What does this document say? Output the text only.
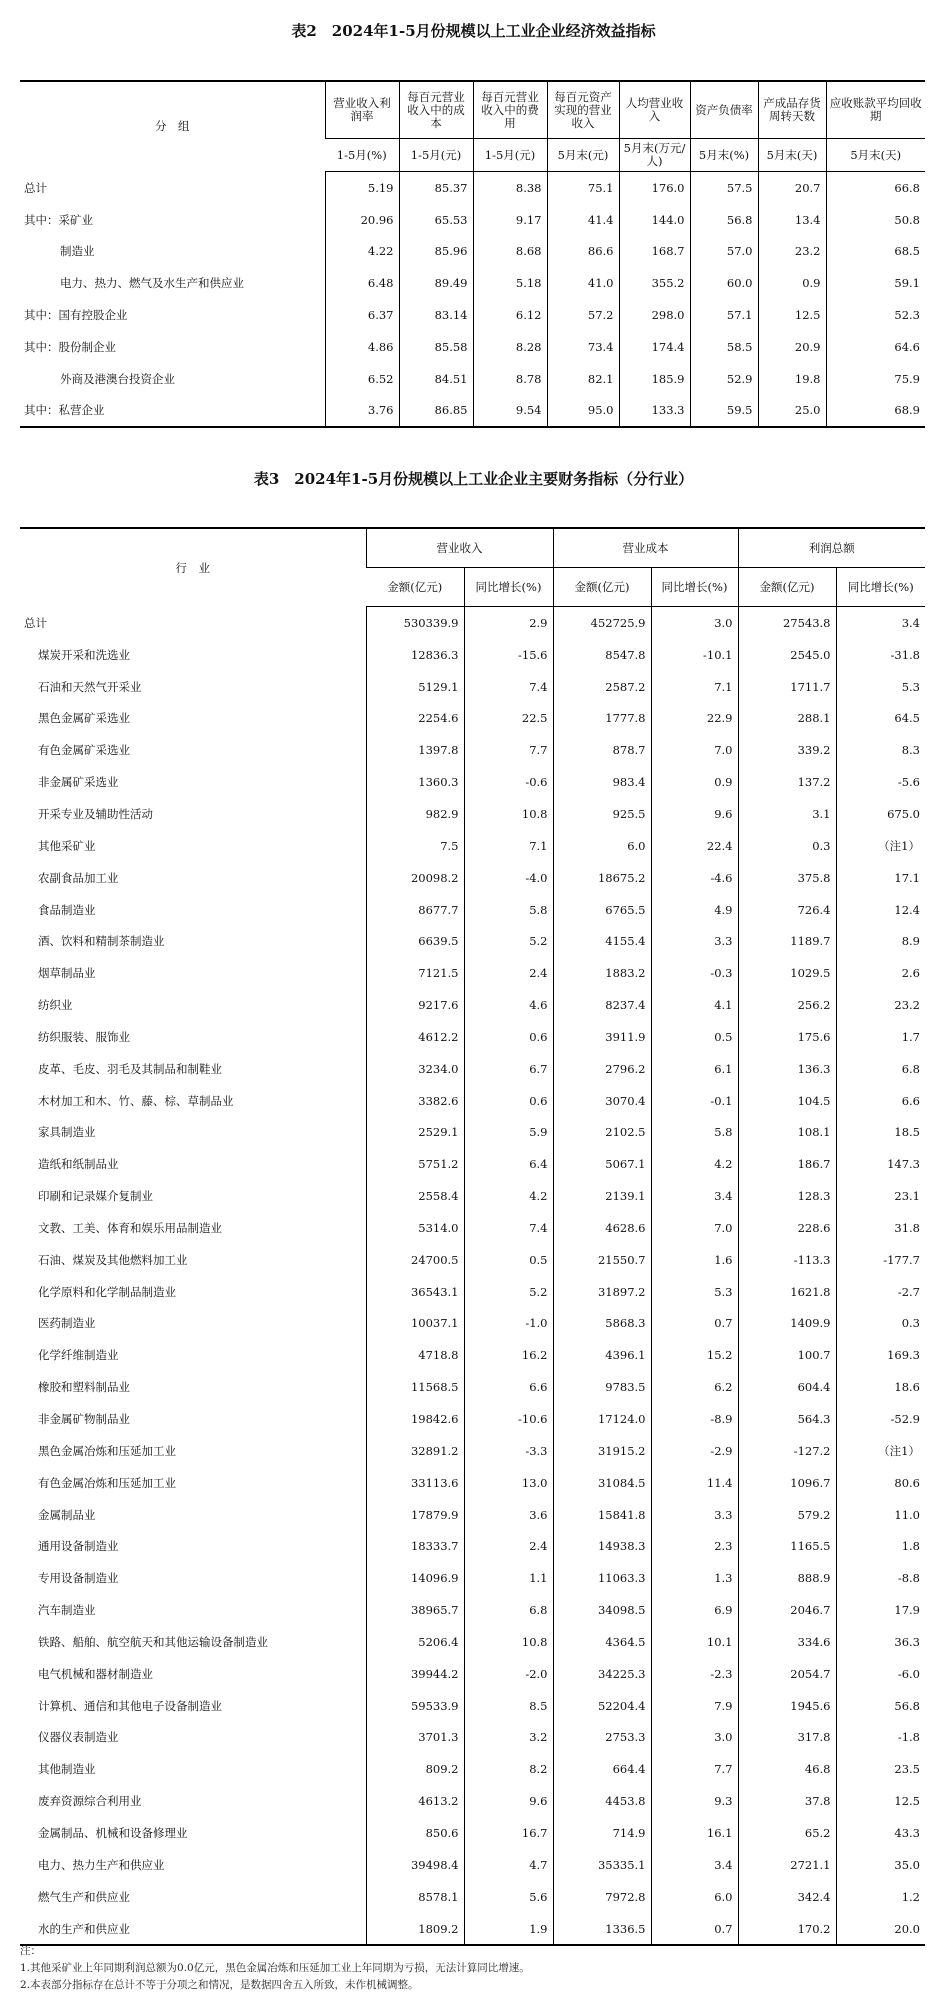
表2　2024年1-5月份规模以上工业企业经济效益指标
分　组	营业收入利润率	每百元营业收入中的成本	每百元营业收入中的费用	每百元资产实现的营业收入	人均营业收入	资产负债率	产成品存货周转天数	应收账款平均回收期
	1-5月(%)	1-5月(元)	1-5月(元)	5月末(元)	5月末(万元/人)	5月末(%)	5月末(天)	5月末(天)
总计	5.19	85.37	8.38	75.1	176.0	57.5	20.7	66.8
其中：采矿业	20.96	65.53	9.17	41.4	144.0	56.8	13.4	50.8
制造业	4.22	85.96	8.68	86.6	168.7	57.0	23.2	68.5
电力、热力、燃气及水生产和供应业	6.48	89.49	5.18	41.0	355.2	60.0	0.9	59.1
其中：国有控股企业	6.37	83.14	6.12	57.2	298.0	57.1	12.5	52.3
其中：股份制企业	4.86	85.58	8.28	73.4	174.4	58.5	20.9	64.6
外商及港澳台投资企业	6.52	84.51	8.78	82.1	185.9	52.9	19.8	75.9
其中：私营企业	3.76	86.85	9.54	95.0	133.3	59.5	25.0	68.9
表3　2024年1-5月份规模以上工业企业主要财务指标（分行业）
行　业	营业收入		营业成本		利润总额	
	金额(亿元)	同比增长(%)	金额(亿元)	同比增长(%)	金额(亿元)	同比增长(%)
总计	530339.9	2.9	452725.9	3.0	27543.8	3.4
煤炭开采和洗选业	12836.3	-15.6	8547.8	-10.1	2545.0	-31.8
石油和天然气开采业	5129.1	7.4	2587.2	7.1	1711.7	5.3
黑色金属矿采选业	2254.6	22.5	1777.8	22.9	288.1	64.5
有色金属矿采选业	1397.8	7.7	878.7	7.0	339.2	8.3
非金属矿采选业	1360.3	-0.6	983.4	0.9	137.2	-5.6
开采专业及辅助性活动	982.9	10.8	925.5	9.6	3.1	675.0
其他采矿业	7.5	7.1	6.0	22.4	0.3	（注1）
农副食品加工业	20098.2	-4.0	18675.2	-4.6	375.8	17.1
食品制造业	8677.7	5.8	6765.5	4.9	726.4	12.4
酒、饮料和精制茶制造业	6639.5	5.2	4155.4	3.3	1189.7	8.9
烟草制品业	7121.5	2.4	1883.2	-0.3	1029.5	2.6
纺织业	9217.6	4.6	8237.4	4.1	256.2	23.2
纺织服装、服饰业	4612.2	0.6	3911.9	0.5	175.6	1.7
皮革、毛皮、羽毛及其制品和制鞋业	3234.0	6.7	2796.2	6.1	136.3	6.8
木材加工和木、竹、藤、棕、草制品业	3382.6	0.6	3070.4	-0.1	104.5	6.6
家具制造业	2529.1	5.9	2102.5	5.8	108.1	18.5
造纸和纸制品业	5751.2	6.4	5067.1	4.2	186.7	147.3
印刷和记录媒介复制业	2558.4	4.2	2139.1	3.4	128.3	23.1
文教、工美、体育和娱乐用品制造业	5314.0	7.4	4628.6	7.0	228.6	31.8
石油、煤炭及其他燃料加工业	24700.5	0.5	21550.7	1.6	-113.3	-177.7
化学原料和化学制品制造业	36543.1	5.2	31897.2	5.3	1621.8	-2.7
医药制造业	10037.1	-1.0	5868.3	0.7	1409.9	0.3
化学纤维制造业	4718.8	16.2	4396.1	15.2	100.7	169.3
橡胶和塑料制品业	11568.5	6.6	9783.5	6.2	604.4	18.6
非金属矿物制品业	19842.6	-10.6	17124.0	-8.9	564.3	-52.9
黑色金属冶炼和压延加工业	32891.2	-3.3	31915.2	-2.9	-127.2	（注1）
有色金属冶炼和压延加工业	33113.6	13.0	31084.5	11.4	1096.7	80.6
金属制品业	17879.9	3.6	15841.8	3.3	579.2	11.0
通用设备制造业	18333.7	2.4	14938.3	2.3	1165.5	1.8
专用设备制造业	14096.9	1.1	11063.3	1.3	888.9	-8.8
汽车制造业	38965.7	6.8	34098.5	6.9	2046.7	17.9
铁路、船舶、航空航天和其他运输设备制造业	5206.4	10.8	4364.5	10.1	334.6	36.3
电气机械和器材制造业	39944.2	-2.0	34225.3	-2.3	2054.7	-6.0
计算机、通信和其他电子设备制造业	59533.9	8.5	52204.4	7.9	1945.6	56.8
仪器仪表制造业	3701.3	3.2	2753.3	3.0	317.8	-1.8
其他制造业	809.2	8.2	664.4	7.7	46.8	23.5
废弃资源综合利用业	4613.2	9.6	4453.8	9.3	37.8	12.5
金属制品、机械和设备修理业	850.6	16.7	714.9	16.1	65.2	43.3
电力、热力生产和供应业	39498.4	4.7	35335.1	3.4	2721.1	35.0
燃气生产和供应业	8578.1	5.6	7972.8	6.0	342.4	1.2
水的生产和供应业	1809.2	1.9	1336.5	0.7	170.2	20.0
注：
1.其他采矿业上年同期利润总额为0.0亿元，黑色金属冶炼和压延加工业上年同期为亏损，无法计算同比增速。
2.本表部分指标存在总计不等于分项之和情况，是数据四舍五入所致，未作机械调整。
